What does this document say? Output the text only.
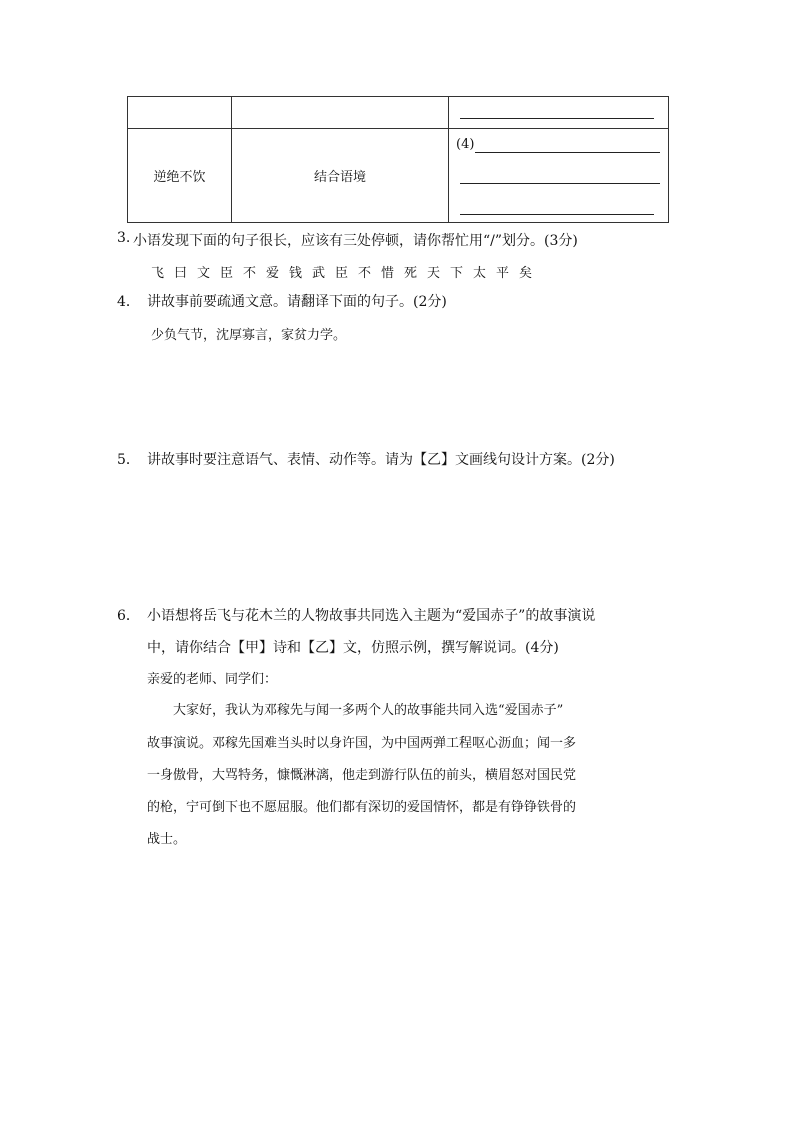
逆绝不饮	结合语境	(4)
3. 小语发现下面的句子很长，应该有三处停顿，请你帮忙用“/”划分。(3分)
飞曰文臣不爱钱武臣不惜死天下太平矣
4． 讲故事前要疏通文意。请翻译下面的句子。(2分)
少负气节，沈厚寡言，家贫力学。
5． 讲故事时要注意语气、表情、动作等。请为【乙】文画线句设计方案。(2分)
6． 小语想将岳飞与花木兰的人物故事共同选入主题为“爱国赤子”的故事演说
中，请你结合【甲】诗和【乙】文，仿照示例，撰写解说词。(4分)
亲爱的老师、同学们：
　　大家好，我认为邓稼先与闻一多两个人的故事能共同入选“爱国赤子”
故事演说。邓稼先国难当头时以身许国，为中国两弹工程呕心沥血；闻一多
一身傲骨，大骂特务，慷慨淋漓，他走到游行队伍的前头，横眉怒对国民党
的枪，宁可倒下也不愿屈服。他们都有深切的爱国情怀，都是有铮铮铁骨的
战士。
